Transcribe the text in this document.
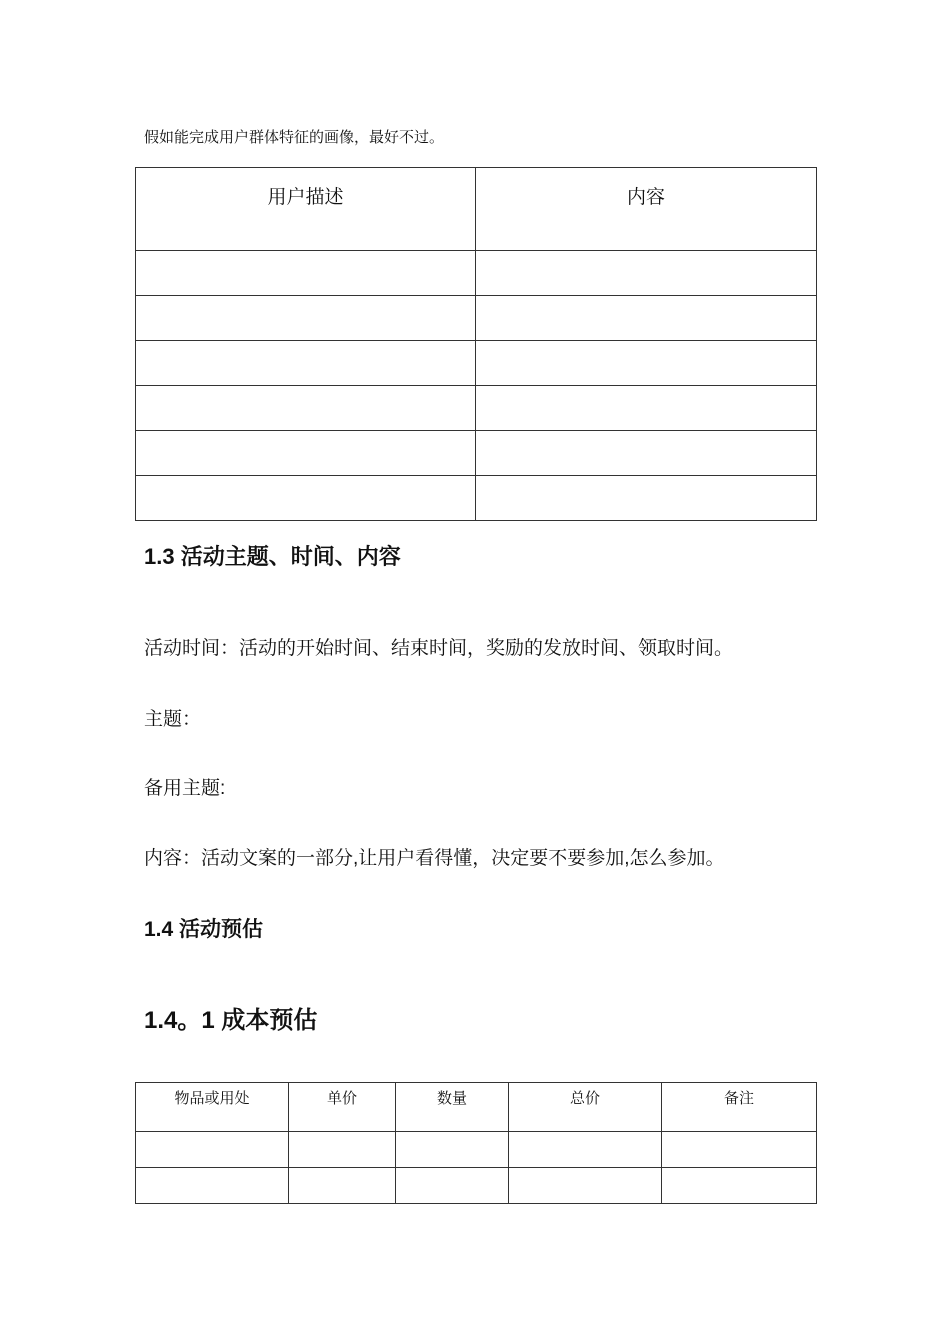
假如能完成用户群体特征的画像，最好不过。
用户描述	内容

1.3 活动主题、时间、内容
活动时间：活动的开始时间、结束时间，奖励的发放时间、领取时间。
主题：
备用主题:
内容：活动文案的一部分,让用户看得懂，决定要不要参加,怎么参加。
1.4 活动预估
1.4。1 成本预估
物品或用处	单价	数量	总价	备注
